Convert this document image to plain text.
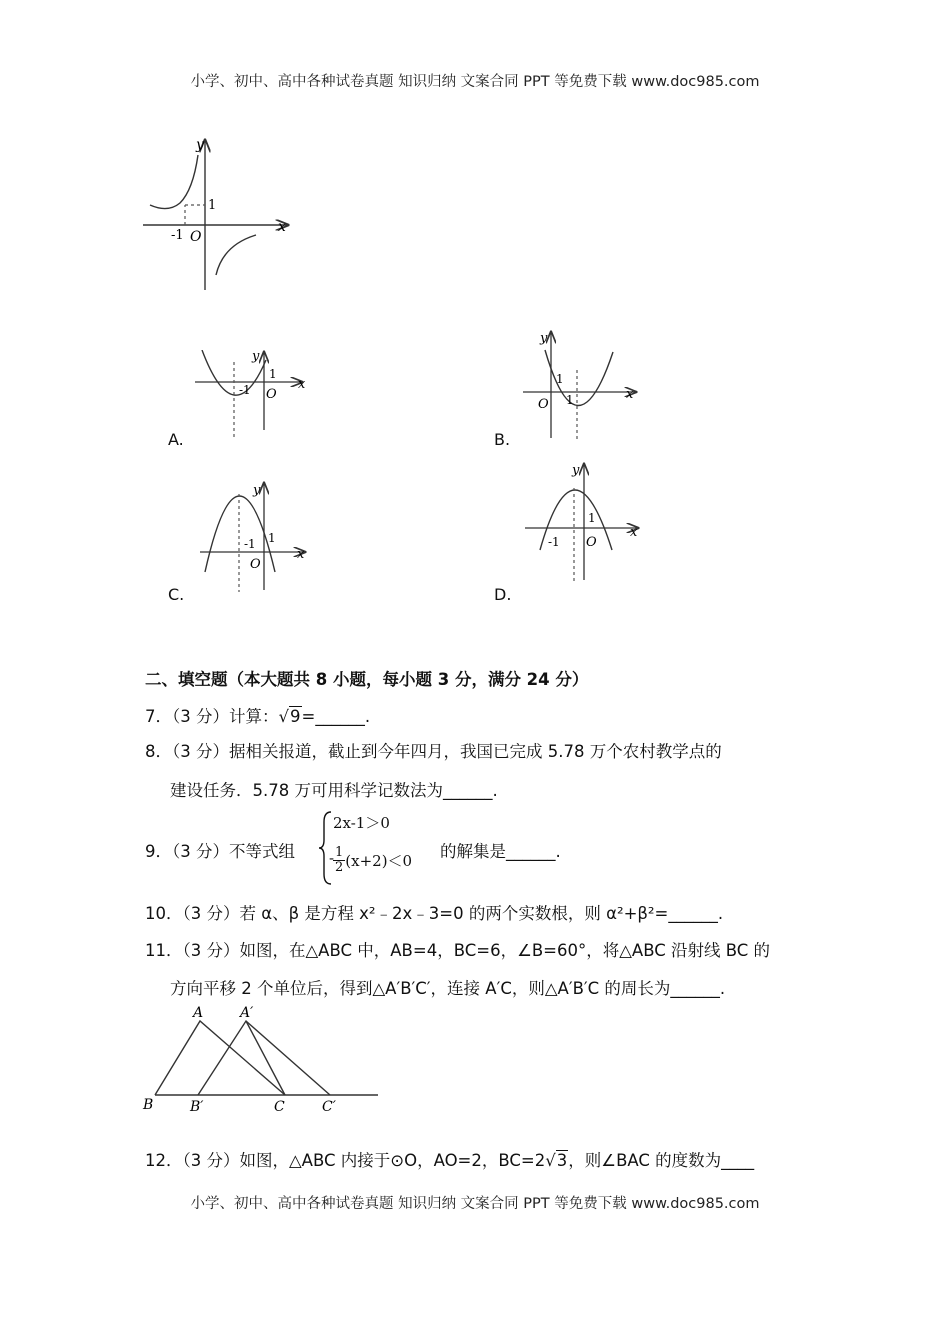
小学、初中、高中各种试卷真题 知识归纳 文案合同 PPT 等免费下载 www.doc985.com
y
x
O
-1
1
y
x
O
-1
1
A.
y
x
O
1
1
B.
y
x
O
-1 1
C.
y
x
O
-1
1
D.
二、填空题（本大题共 8 小题，每小题 3 分，满分 24 分）
7．（3 分）计算：√9=______.
8．（3 分）据相关报道，截止到今年四月，我国已完成 5.78 万个农村教学点的
建设任务．5.78 万可用科学记数法为______.
9．（3 分）不等式组
2x-1＞0
$\frac{1}{2}$
- (x+2)＜0 的解集是______.
10．（3 分）若 α、β 是方程 x²﹣2x﹣3=0 的两个实数根，则 α²+β²=______.
11．（3 分）如图，在△ABC 中，AB=4，BC=6，∠B=60°，将△ABC 沿射线 BC 的
方向平移 2 个单位后，得到△A′B′C′，连接 A′C，则△A′B′C 的周长为______.
A	A′
B	B′	C	C′
12．（3 分）如图，△ABC 内接于⊙O，AO=2，BC=2√3，则∠BAC 的度数为____
小学、初中、高中各种试卷真题 知识归纳 文案合同 PPT 等免费下载 www.doc985.com
